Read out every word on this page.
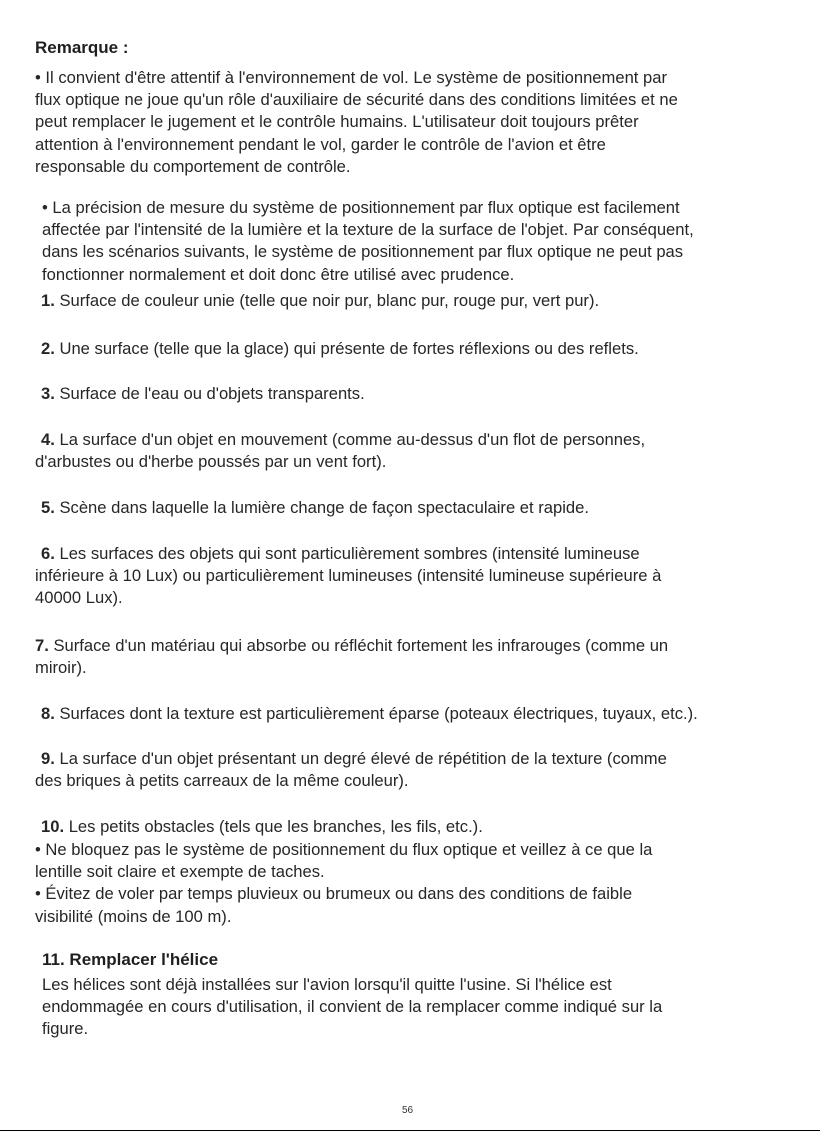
Remarque :

• Il convient d'être attentif à l'environnement de vol. Le système de positionnement par
flux optique ne joue qu'un rôle d'auxiliaire de sécurité dans des conditions limitées et ne
peut remplacer le jugement et le contrôle humains. L'utilisateur doit toujours prêter
attention à l'environnement pendant le vol, garder le contrôle de l'avion et être
responsable du comportement de contrôle.

• La précision de mesure du système de positionnement par flux optique est facilement
affectée par l'intensité de la lumière et la texture de la surface de l'objet. Par conséquent,
dans les scénarios suivants, le système de positionnement par flux optique ne peut pas
fonctionner normalement et doit donc être utilisé avec prudence.

1. Surface de couleur unie (telle que noir pur, blanc pur, rouge pur, vert pur).

2. Une surface (telle que la glace) qui présente de fortes réflexions ou des reflets.

3. Surface de l'eau ou d'objets transparents.

4. La surface d'un objet en mouvement (comme au-dessus d'un flot de personnes,
d'arbustes ou d'herbe poussés par un vent fort).

5. Scène dans laquelle la lumière change de façon spectaculaire et rapide.

6. Les surfaces des objets qui sont particulièrement sombres (intensité lumineuse
inférieure à 10 Lux) ou particulièrement lumineuses (intensité lumineuse supérieure à
40000 Lux).

7. Surface d'un matériau qui absorbe ou réfléchit fortement les infrarouges (comme un
miroir).

8. Surfaces dont la texture est particulièrement éparse (poteaux électriques, tuyaux, etc.).

9. La surface d'un objet présentant un degré élevé de répétition de la texture (comme
des briques à petits carreaux de la même couleur).

10. Les petits obstacles (tels que les branches, les fils, etc.).

• Ne bloquez pas le système de positionnement du flux optique et veillez à ce que la
lentille soit claire et exempte de taches.
• Évitez de voler par temps pluvieux ou brumeux ou dans des conditions de faible
visibilité (moins de 100 m).

11. Remplacer l'hélice

Les hélices sont déjà installées sur l'avion lorsqu'il quitte l'usine. Si l'hélice est
endommagée en cours d'utilisation, il convient de la remplacer comme indiqué sur la
figure.

56
